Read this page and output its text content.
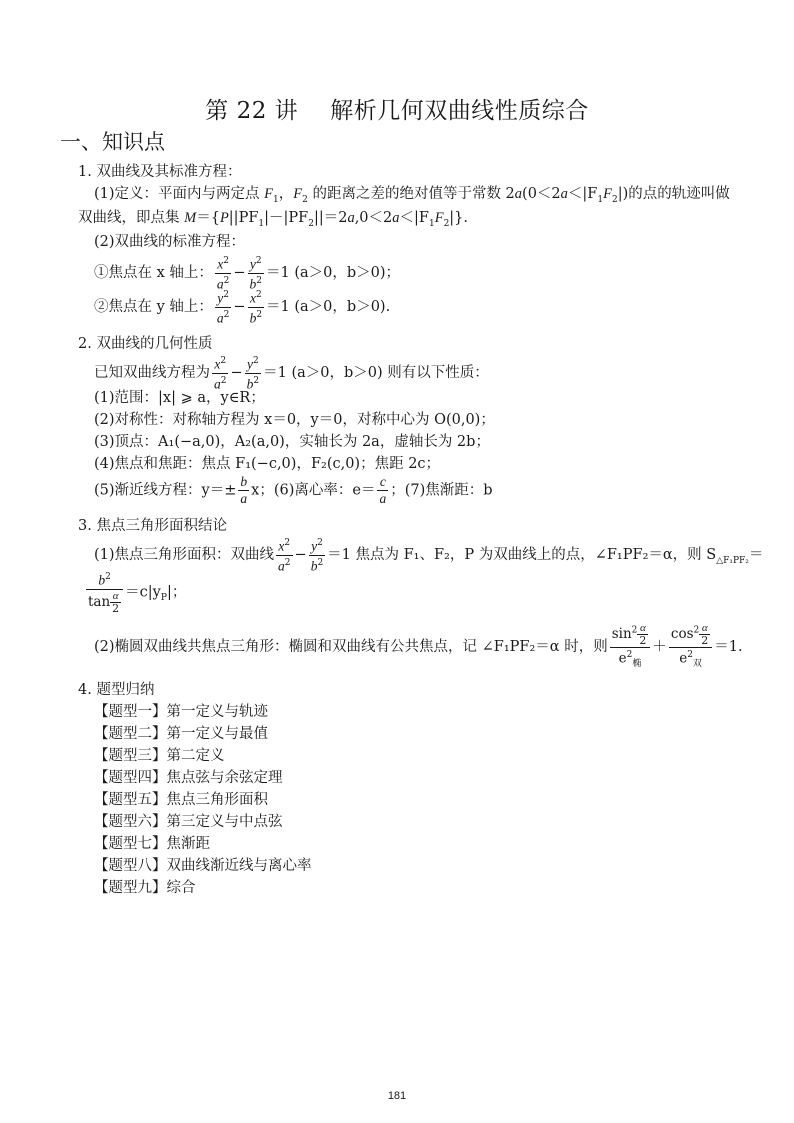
第 22 讲 解析几何双曲线性质综合
一、知识点
1. 双曲线及其标准方程：
(1)定义：平面内与两定点 $F_1$，$F_2$ 的距离之差的绝对值等于常数 $2a(0<2a<|F_1F_2|)$的点的轨迹叫做
双曲线，即点集 $M=\{P||PF_1|-|PF_2||=2a,0<2a<|F_1F_2|\}$.
(2)双曲线的标准方程：
①焦点在 x 轴上： $\frac{x^2}{a^2} - \frac{y^2}{b^2} =1$ (a＞0，b＞0)；
②焦点在 y 轴上： $\frac{y^2}{a^2} - \frac{x^2}{b^2} =1$ (a＞0，b＞0).
2. 双曲线的几何性质
已知双曲线方程为 $\frac{x^2}{a^2} - \frac{y^2}{b^2} =1$ (a＞0，b＞0) 则有以下性质：
(1)范围：|x| ⩾ a，y∈R；
(2)对称性：对称轴方程为 x＝0，y＝0，对称中心为 O(0,0)；
(3)顶点：A₁(−a,0)，A₂(a,0)，实轴长为 2a，虚轴长为 2b；
(4)焦点和焦距：焦点 F₁(−c,0)，F₂(c,0)；焦距 2c；
(5)渐近线方程：$y=\pm \frac{b}{a}$ x；(6)离心率：$e= \frac{c}{a}$ ；(7)焦渐距：b
3. 焦点三角形面积结论
(1)焦点三角形面积：双曲线 $\frac{x^2}{a^2} - \frac{y^2}{b^2} =1$ 焦点为 F₁、F₂，P 为双曲线上的点，∠F₁PF₂＝α，则 $S_{\triangle F_1PF_2}=$
$\frac{b^2}{\tan \frac{\alpha}{2}} =c|y_P|$；
(2)椭圆双曲线共焦点三角形：椭圆和双曲线有公共焦点，记 ∠F₁PF₂＝α 时，则 $\frac{\sin^2 \frac{\alpha}{2}}{e^2_椭} + \frac{\cos^2 \frac{\alpha}{2}}{e^2_双} =1$.
4. 题型归纳
【题型一】第一定义与轨迹
【题型二】第一定义与最值
【题型三】第二定义
【题型四】焦点弦与余弦定理
【题型五】焦点三角形面积
【题型六】第三定义与中点弦
【题型七】焦渐距
【题型八】双曲线渐近线与离心率
【题型九】综合
181
